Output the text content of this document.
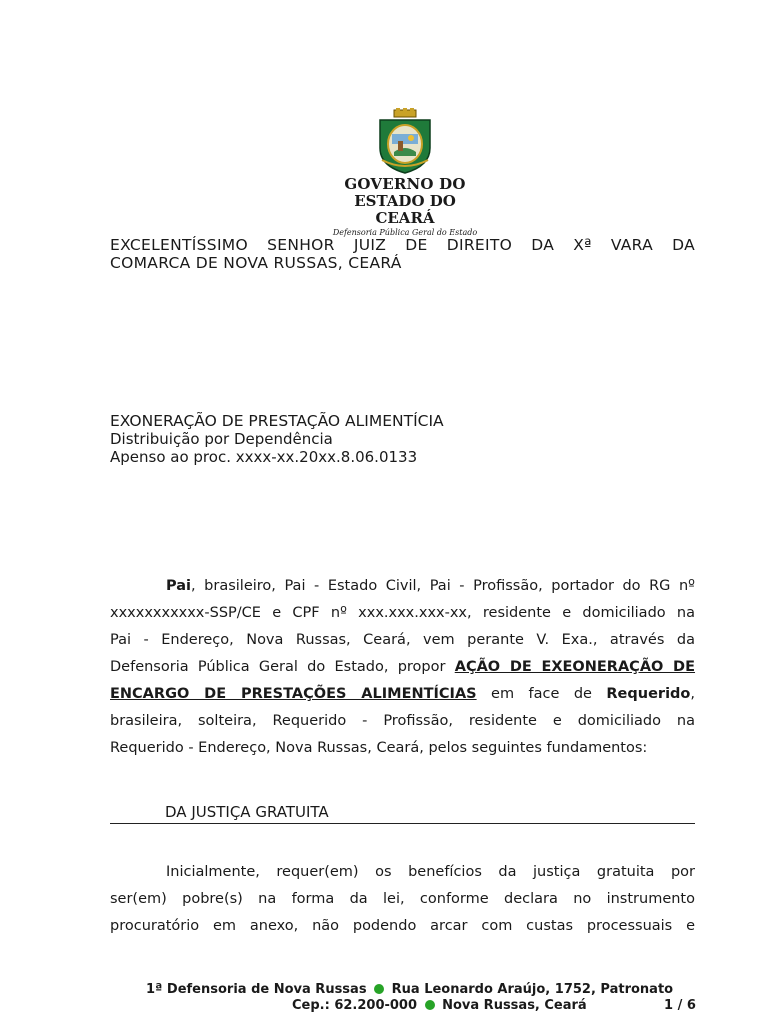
GOVERNO DO
ESTADO DO CEARÁ
Defensoria Pública Geral do Estado
EXCELENTÍSSIMO SENHOR JUIZ DE DIREITO DA Xª VARA DA
COMARCA DE NOVA RUSSAS, CEARÁ
EXONERAÇÃO DE PRESTAÇÃO ALIMENTÍCIA
Distribuição por Dependência
Apenso ao proc. xxxx-xx.20xx.8.06.0133
Pai, brasileiro, Pai - Estado Civil, Pai - Profissão, portador do RG nº
xxxxxxxxxxx-SSP/CE e CPF nº xxx.xxx.xxx-xx, residente e domiciliado na
Pai - Endereço, Nova Russas, Ceará, vem perante V. Exa., através da
Defensoria Pública Geral do Estado, propor AÇÃO DE EXEONERAÇÃO DE
ENCARGO DE PRESTAÇÕES ALIMENTÍCIAS em face de Requerido,
brasileira, solteira, Requerido - Profissão, residente e domiciliado na
Requerido - Endereço, Nova Russas, Ceará, pelos seguintes fundamentos:
DA JUSTIÇA GRATUITA
Inicialmente, requer(em) os benefícios da justiça gratuita por
ser(em) pobre(s) na forma da lei, conforme declara no instrumento
procuratório em anexo, não podendo arcar com custas processuais e
1ª Defensoria de Nova Russas Rua Leonardo Araújo, 1752, Patronato
Cep.: 62.200-000 Nova Russas, Ceará	1 / 6
